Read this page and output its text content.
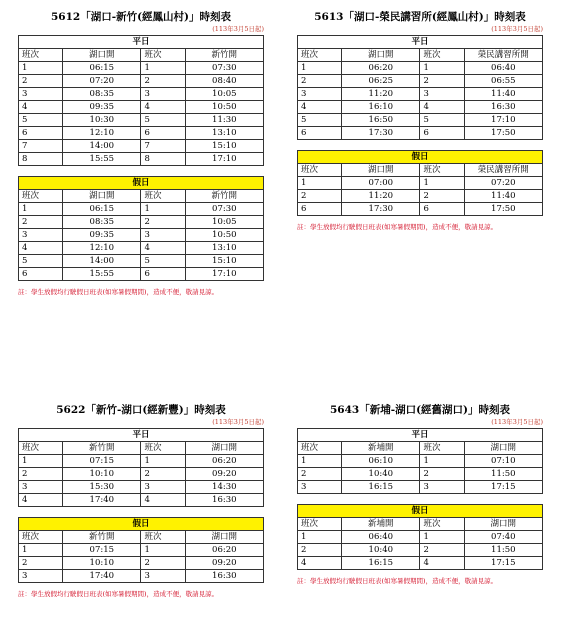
5612「湖口-新竹(經鳳山村)」時刻表
(113年3月5日起)
平日			
班次	湖口開	班次	新竹開
1	06:15	1	07:30
2	07:20	2	08:40
3	08:35	3	10:05
4	09:35	4	10:50
5	10:30	5	11:30
6	12:10	6	13:10
7	14:00	7	15:10
8	15:55	8	17:10
假日			
班次	湖口開	班次	新竹開
1	06:15	1	07:30
2	08:35	2	10:05
3	09:35	3	10:50
4	12:10	4	13:10
5	14:00	5	15:10
6	15:55	6	17:10
註：學生放假均行駛假日班表(如寒暑假期間)，造成不便，敬請見諒。
5613「湖口-榮民講習所(經鳳山村)」時刻表
(113年3月5日起)
平日			
班次	湖口開	班次	榮民講習所開
1	06:20	1	06:40
2	06:25	2	06:55
3	11:20	3	11:40
4	16:10	4	16:30
5	16:50	5	17:10
6	17:30	6	17:50
假日			
班次	湖口開	班次	榮民講習所開
1	07:00	1	07:20
2	11:20	2	11:40
6	17:30	6	17:50
註：學生放假均行駛假日班表(如寒暑假期間)，造成不便，敬請見諒。
5622「新竹-湖口(經新豐)」時刻表
(113年3月5日起)
平日			
班次	新竹開	班次	湖口開
1	07:15	1	06:20
2	10:10	2	09:20
3	15:30	3	14:30
4	17:40	4	16:30
假日			
班次	新竹開	班次	湖口開
1	07:15	1	06:20
2	10:10	2	09:20
3	17:40	3	16:30
註：學生放假均行駛假日班表(如寒暑假期間)，造成不便，敬請見諒。
5643「新埔-湖口(經舊湖口)」時刻表
(113年3月5日起)
平日			
班次	新埔開	班次	湖口開
1	06:10	1	07:10
2	10:40	2	11:50
3	16:15	3	17:15
假日			
班次	新埔開	班次	湖口開
1	06:40	1	07:40
2	10:40	2	11:50
4	16:15	4	17:15
註：學生放假均行駛假日班表(如寒暑假期間)，造成不便，敬請見諒。
